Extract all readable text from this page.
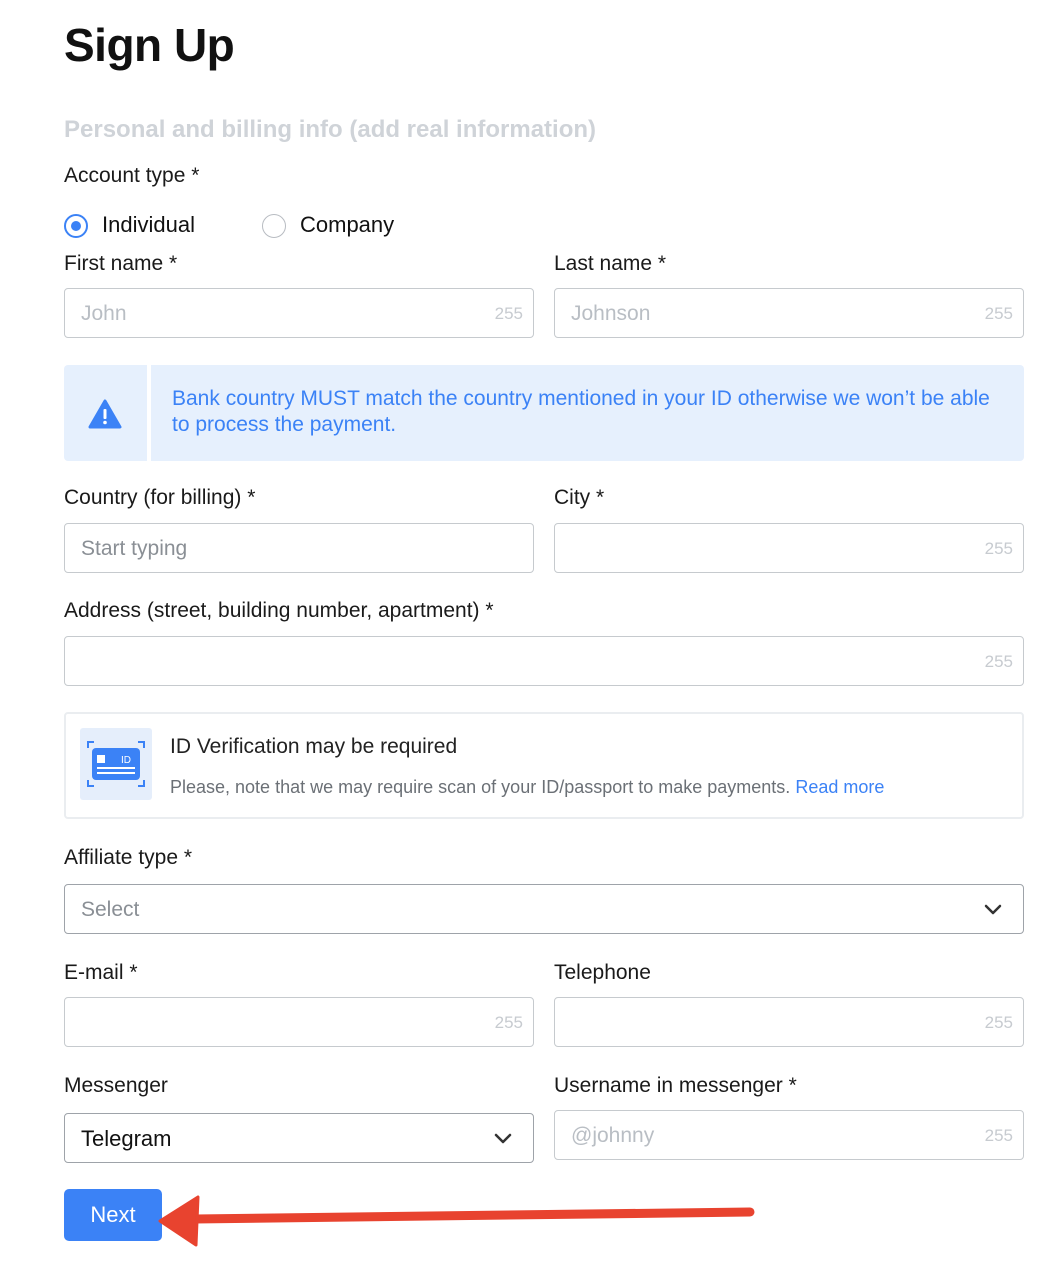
Sign Up
Personal and billing info (add real information)
Account type *
Individual	Company
First name *
John	255
Last name *
Johnson	255
Bank country MUST match the country mentioned in your ID otherwise we won’t be able to process the payment.
Country (for billing) *
Start typing
City *
255
Address (street, building number, apartment) *
255
ID
ID Verification may be required
Please, note that we may require scan of your ID/passport to make payments. Read more
Affiliate type *
Select
E-mail *
255
Telephone
255
Messenger
Telegram
Username in messenger *
@johnny	255
Next
